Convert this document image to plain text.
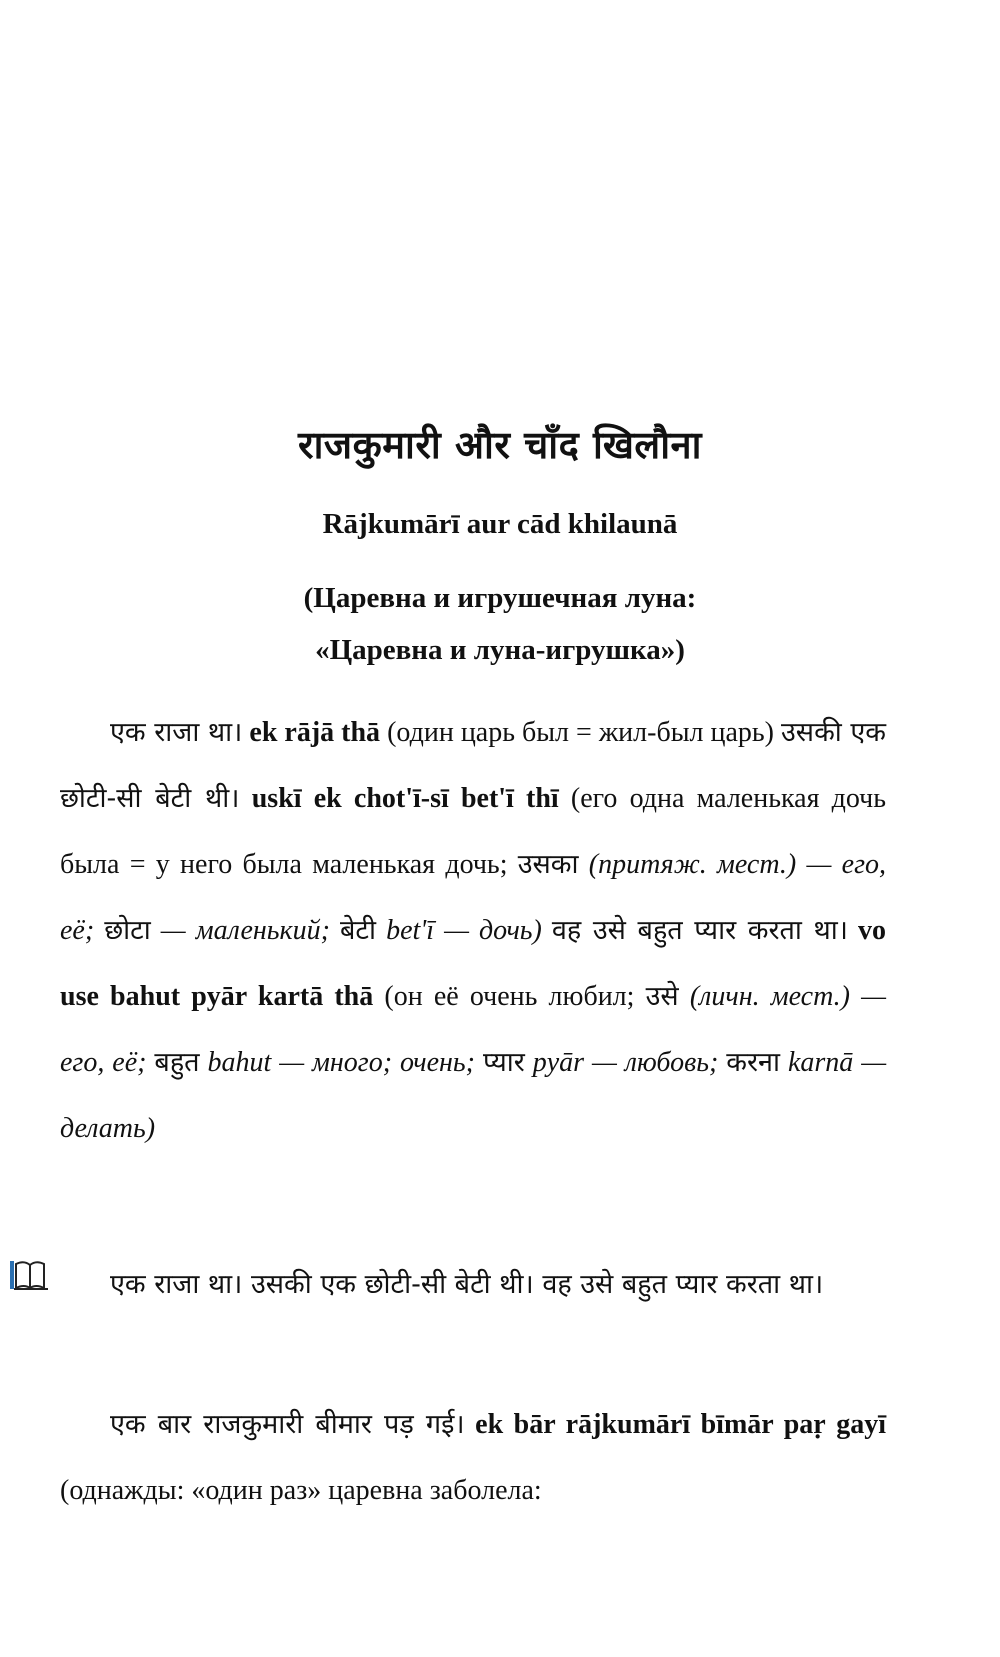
राजकुमारी और चाँद खिलौना
Rājkumārī aur cād khilaunā
(Царевна и игрушечная луна:
«Царевна и луна-игрушка»)
एक राजा था। ek rājā thā (один царь был = жил-был царь) उसकी एक छोटी-सी बेटी थी। uskī ek chot'ī-sī bet'ī thī (его одна маленькая дочь была = у него была маленькая дочь; उसका (притяж. мест.) — его, её; छोटा — маленький; बेटी bet'ī — дочь) वह उसे बहुत प्यार करता था। vo use bahut pyār kartā thā (он её очень любил; उसे (личн. мест.) — его, её; बहुत bahut — много; очень; प्यार pyār — любовь; करना karnā — делать)
एक राजा था। उसकी एक छोटी-सी बेटी थी। वह उसे बहुत प्यार करता था।
एक बार राजकुमारी बीमार पड़ गई। ek bār rājkumārī bīmār paṛ gayī (однажды: «один раз» царевна заболела:
